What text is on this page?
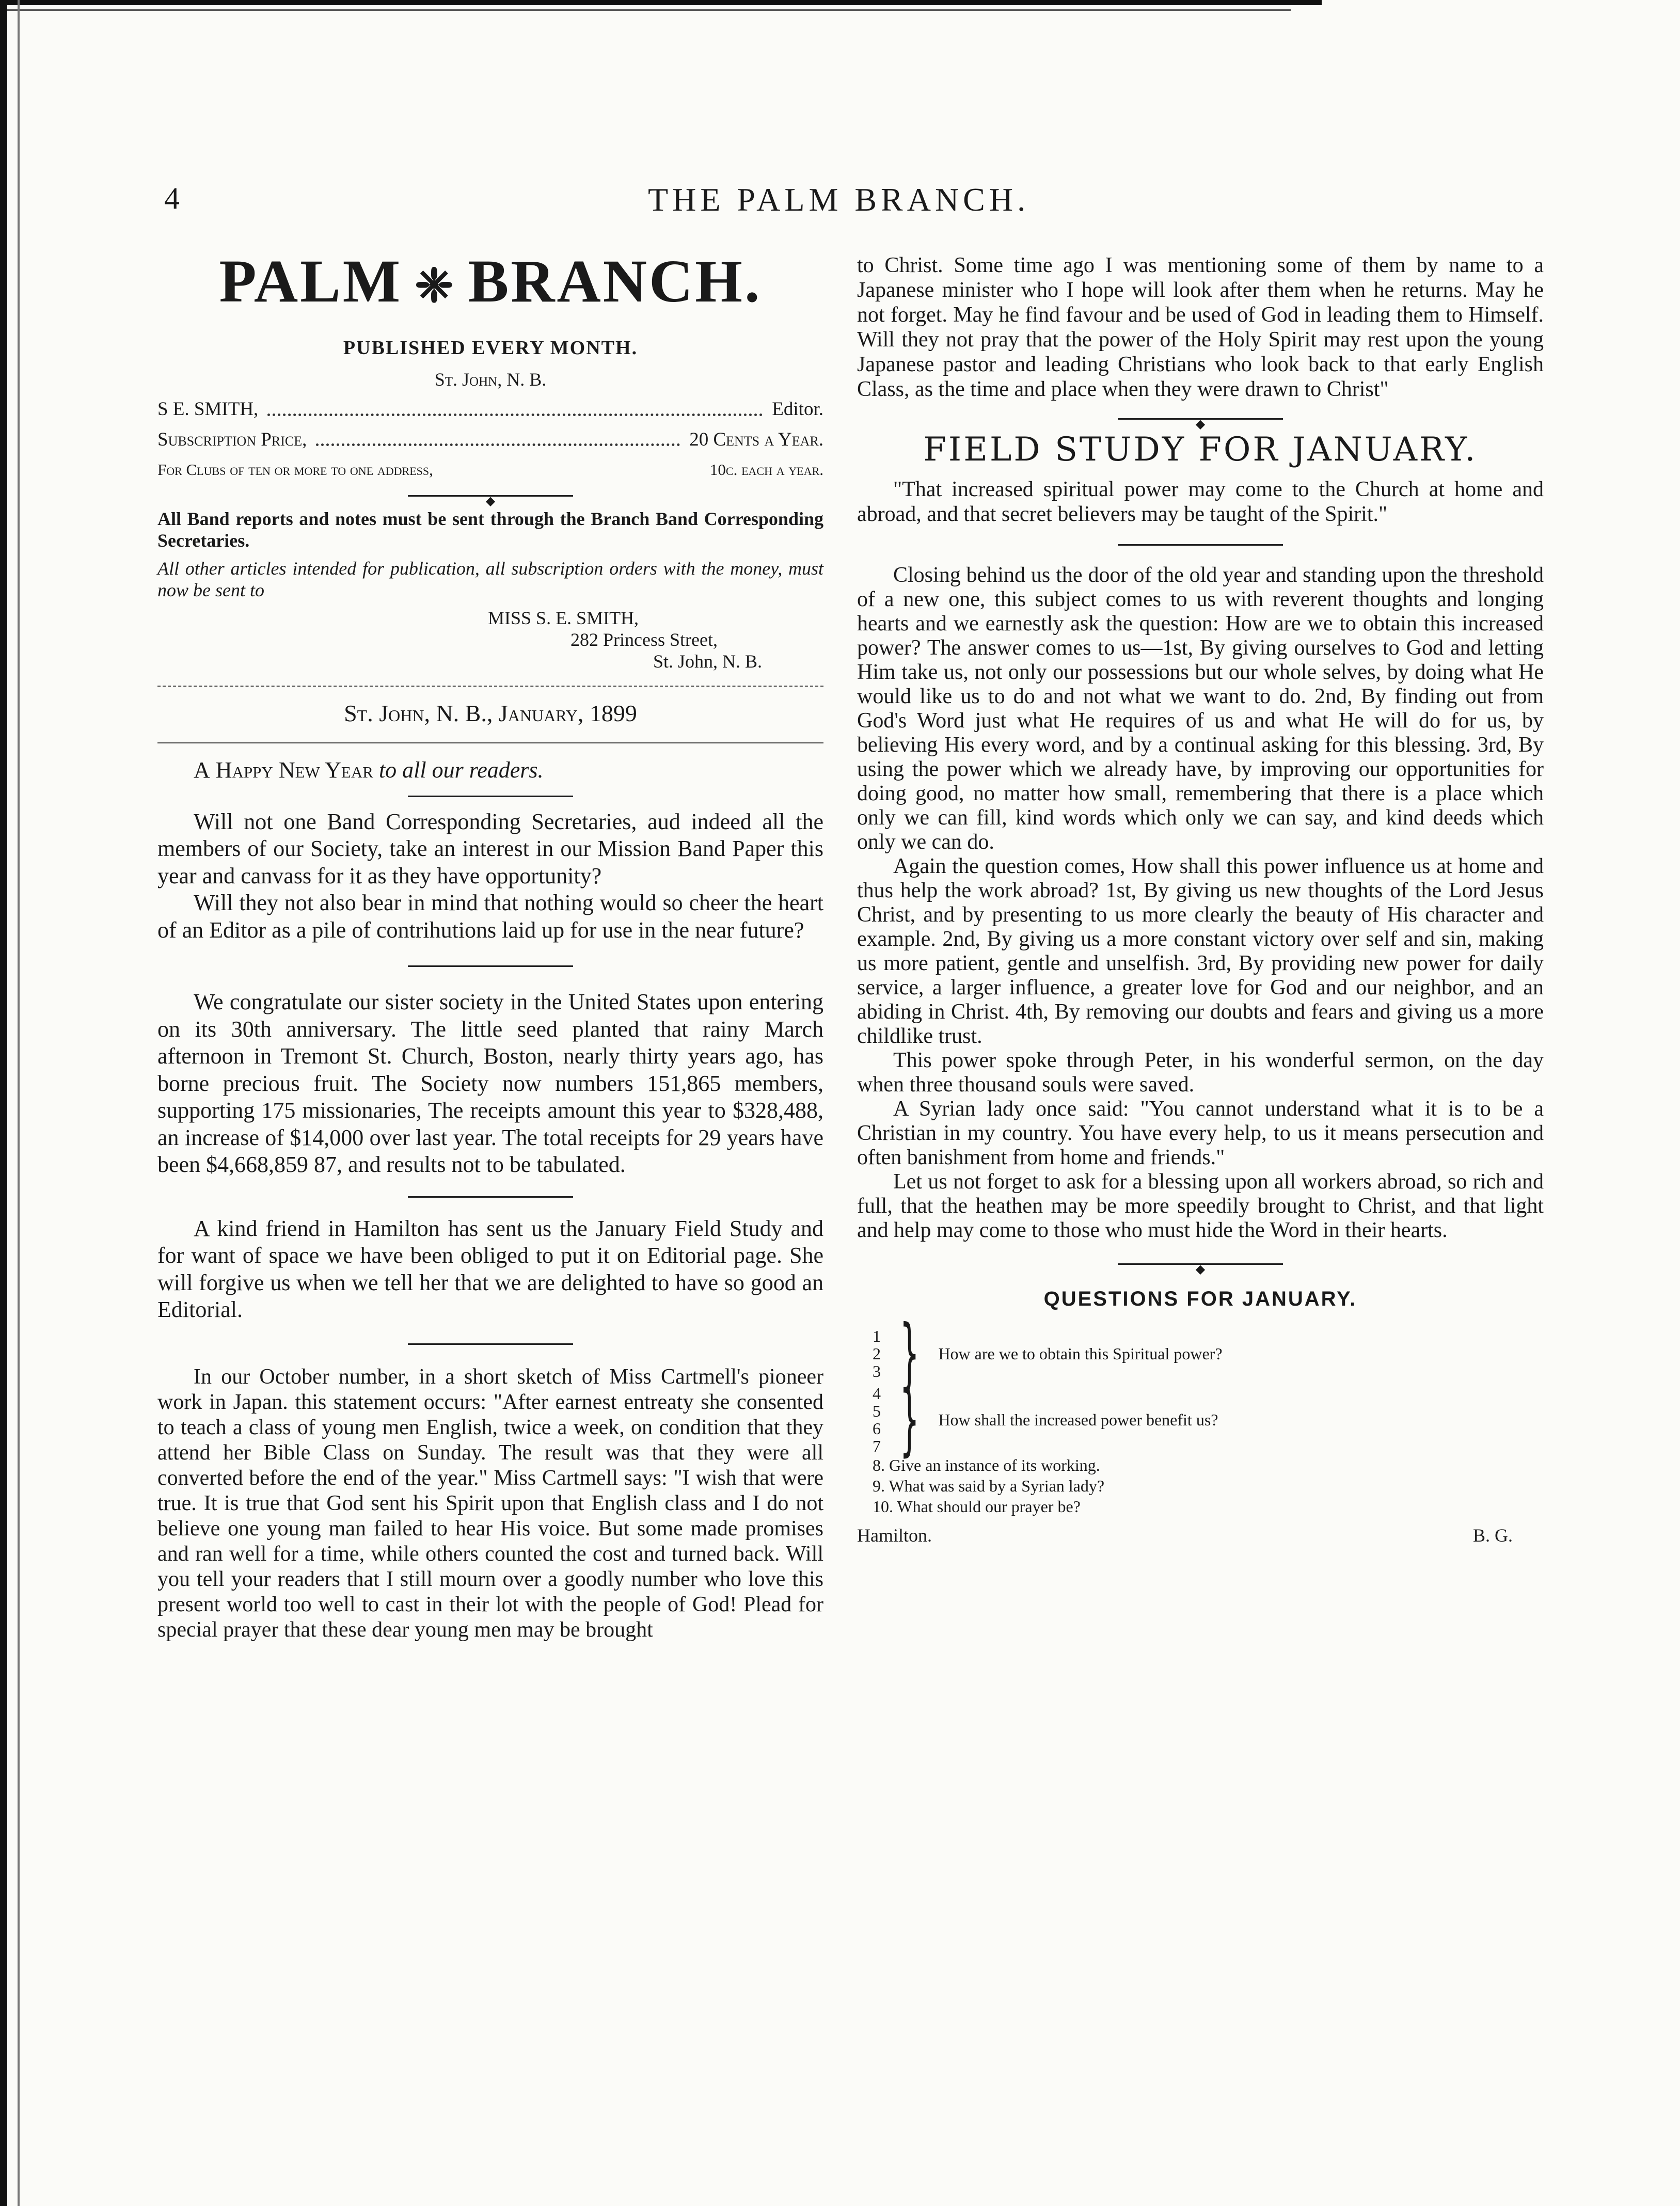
4	THE PALM BRANCH.
PALM ❈ BRANCH.
PUBLISHED EVERY MONTH.
St. John, N. B.
S E. SMITH,	Editor.
Subscription Price,	20 Cents a Year.
For Clubs of ten or more to one address,	10c. each a year.
◆
All Band reports and notes must be sent through the Branch Band Corresponding Secretaries.
All other articles intended for publication, all subscription orders with the money, must now be sent to
MISS S. E. SMITH,
282 Princess Street,
St. John, N. B.
St. John, N. B., January, 1899

A Happy New Year to all our readers.

Will not one Band Corresponding Secretaries, aud indeed all the members of our Society, take an interest in our Mission Band Paper this year and canvass for it as they have opportunity?

Will they not also bear in mind that nothing would so cheer the heart of an Editor as a pile of contrihutions laid up for use in the near future?

We congratulate our sister society in the United States upon entering on its 30th anniversary. The little seed planted that rainy March afternoon in Tremont St. Church, Boston, nearly thirty years ago, has borne precious fruit. The Society now numbers 151,865 members, supporting 175 missionaries, The receipts amount this year to $328,488, an increase of $14,000 over last year. The total receipts for 29 years have been $4,668,859 87, and results not to be tabulated.

A kind friend in Hamilton has sent us the January Field Study and for want of space we have been obliged to put it on Editorial page. She will forgive us when we tell her that we are delighted to have so good an Editorial.

In our October number, in a short sketch of Miss Cartmell's pioneer work in Japan. this statement occurs: "After earnest entreaty she consented to teach a class of young men English, twice a week, on condition that they attend her Bible Class on Sunday. The result was that they were all converted before the end of the year." Miss Cartmell says: "I wish that were true. It is true that God sent his Spirit upon that English class and I do not believe one young man failed to hear His voice. But some made promises and ran well for a time, while others counted the cost and turned back. Will you tell your readers that I still mourn over a goodly number who love this present world too well to cast in their lot with the people of God! Plead for special prayer that these dear young men may be brought

to Christ. Some time ago I was mentioning some of them by name to a Japanese minister who I hope will look after them when he returns. May he not forget. May he find favour and be used of God in leading them to Himself. Will they not pray that the power of the Holy Spirit may rest upon the young Japanese pastor and leading Christians who look back to that early English Class, as the time and place when they were drawn to Christ"

◆
FIELD STUDY FOR JANUARY.

"That increased spiritual power may come to the Church at home and abroad, and that secret believers may be taught of the Spirit."

Closing behind us the door of the old year and standing upon the threshold of a new one, this subject comes to us with reverent thoughts and longing hearts and we earnestly ask the question: How are we to obtain this increased power? The answer comes to us—1st, By giving ourselves to God and letting Him take us, not only our possessions but our whole selves, by doing what He would like us to do and not what we want to do. 2nd, By finding out from God's Word just what He requires of us and what He will do for us, by believing His every word, and by a continual asking for this blessing. 3rd, By using the power which we already have, by improving our opportunities for doing good, no matter how small, remembering that there is a place which only we can fill, kind words which only we can say, and kind deeds which only we can do.

Again the question comes, How shall this power influence us at home and thus help the work abroad? 1st, By giving us new thoughts of the Lord Jesus Christ, and by presenting to us more clearly the beauty of His character and example. 2nd, By giving us a more constant victory over self and sin, making us more patient, gentle and unselfish. 3rd, By providing new power for daily service, a larger influence, a greater love for God and our neighbor, and an abiding in Christ. 4th, By removing our doubts and fears and giving us a more childlike trust.

This power spoke through Peter, in his wonderful sermon, on the day when three thousand souls were saved.

A Syrian lady once said: "You cannot understand what it is to be a Christian in my country. You have every help, to us it means persecution and often banishment from home and friends."

Let us not forget to ask for a blessing upon all workers abroad, so rich and full, that the heathen may be more speedily brought to Christ, and that light and help may come to those who must hide the Word in their hearts.

◆
QUESTIONS FOR JANUARY.
1
2
3 } How are we to obtain this Spiritual power?
4
5
6
7 } How shall the increased power benefit us?
8. Give an instance of its working.
9. What was said by a Syrian lady?
10. What should our prayer be?
Hamilton.	B. G.
